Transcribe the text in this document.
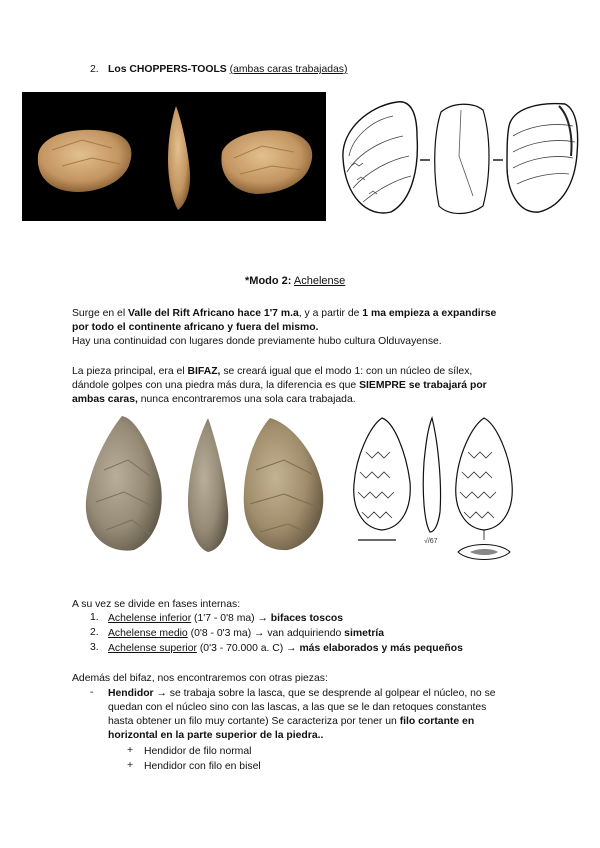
2. Los CHOPPERS-TOOLS (ambas caras trabajadas)
*Modo 2: Achelense
Surge en el Valle del Rift Africano hace 1'7 m.a, y a partir de 1 ma empieza a expandirse
por todo el continente africano y fuera del mismo.
Hay una continuidad con lugares donde previamente hubo cultura Olduvayense.
La pieza principal, era el BIFAZ, se creará igual que el modo 1: con un núcleo de sílex,
dándole golpes con una piedra más dura, la diferencia es que SIEMPRE se trabajará por
ambas caras, nunca encontraremos una sola cara trabajada.
√/67
A su vez se divide en fases internas:
1. Achelense inferior (1'7 - 0'8 ma) → bifaces toscos
2. Achelense medio (0'8 - 0'3 ma) → van adquiriendo simetría
3. Achelense superior (0'3 - 70.000 a. C) → más elaborados y más pequeños
Además del bifaz, nos encontraremos con otras piezas:
- Hendidor → se trabaja sobre la lasca, que se desprende al golpear el núcleo, no se
quedan con el núcleo sino con las lascas, a las que se le dan retoques constantes
hasta obtener un filo muy cortante) Se caracteriza por tener un filo cortante en
horizontal en la parte superior de la piedra..
+ Hendidor de filo normal
+ Hendidor con filo en bisel
